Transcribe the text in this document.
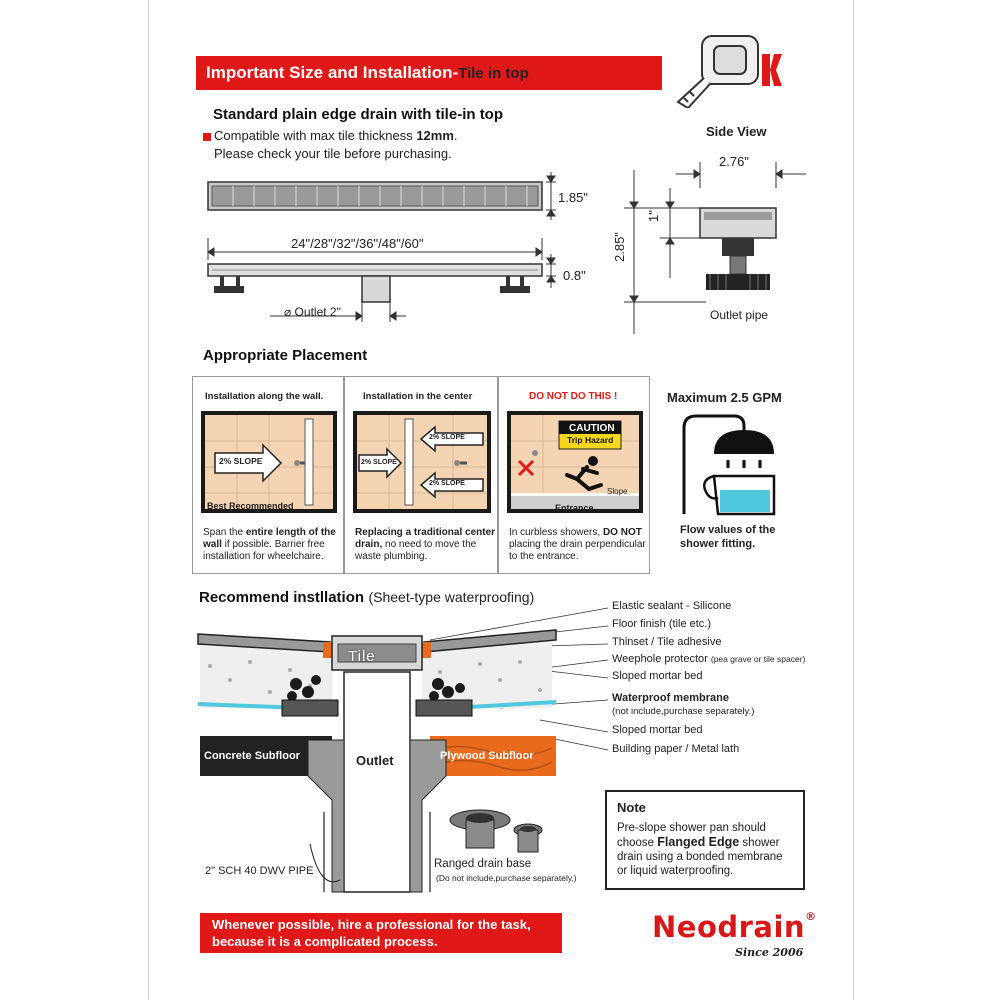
Important Size and Installation-Tile in top
Standard plain edge drain with tile-in top
Compatible with max tile thickness 12mm.
Please check your tile before purchasing.
1.85"
24"/28"/32"/36"/48"/60"
0.8"
⌀ Outlet 2"
Side View
2.76"
1"
2.85"
Outlet pipe
Appropriate Placement
Installation along the wall.
2% SLOPE
Best Recommended
Span the entire length of the wall if possible. Barrier free installation for wheelchaire.
Installation in the center
2% SLOPE
2% SLOPE
2% SLOPE
Replacing a traditional center drain, no need to move the waste plumbing.
DO NOT DO THIS !
CAUTION
Trip Hazard
Slope
Entrance
In curbless showers, DO NOT placing the drain perpendicular to the entrance.
Maximum 2.5 GPM
Flow values of the shower fitting.
Recommend instllation (Sheet-type waterproofing)
Tile
Outlet
Concrete Subfloor	Plywood Subfloor
2" SCH 40 DWV PIPE
Ranged drain base
(Do not include,purchase separately.)
Elastic sealant - Silicone
Floor finish (tile etc.)
Thinset / Tile adhesive
Weephole protector (pea grave or tile spacer)
Sloped mortar bed
Waterproof membrane
(not include,purchase separately.)
Sloped mortar bed
Building paper / Metal lath
Note
Pre-slope shower pan should
choose Flanged Edge shower
drain using a bonded membrane
or liquid waterproofing.
Whenever possible, hire a professional for the task,
because it is a complicated process.	Neodrain®
Since 2006
